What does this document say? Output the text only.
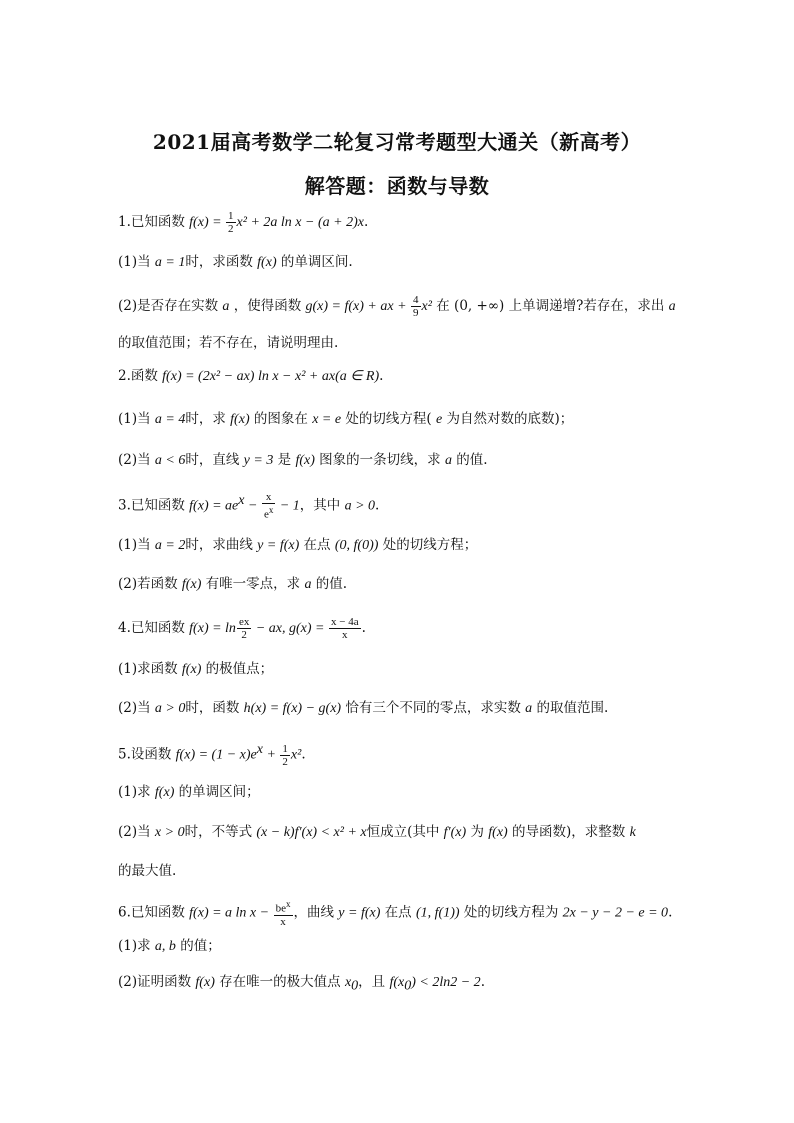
2021届高考数学二轮复习常考题型大通关（新高考）
解答题：函数与导数
1.已知函数 $f(x) = \frac{1}{2} x^2 + 2a$ ln x − (a + 2)x.
(1)当 a = 1时，求函数 f(x) 的单调区间.
(2)是否存在实数 a ，使得函数 g(x) = f(x) + ax + $\frac{4}{9} x^2$ 在 (0, +∞) 上单调递增?若存在，求出 a
的取值范围；若不存在，请说明理由.
2.函数 f(x) = (2x² − ax) ln x − x² + ax(a ∈ R).
(1)当 a = 4时，求 f(x) 的图象在 x = e 处的切线方程( e 为自然对数的底数)；
(2)当 a < 6时，直线 y = 3 是 f(x) 图象的一条切线，求 a 的值.
3.已知函数 $f(x) = ae^x - \frac{x}{e^x} - 1$，其中 a > 0.
(1)当 a = 2时，求曲线 y = f(x) 在点 (0, f(0)) 处的切线方程；
(2)若函数 f(x) 有唯一零点，求 a 的值.
4.已知函数 $f(x) = \ln \frac{ex}{2}$ − ax, $g(x) = \frac{x - 4a}{x}$ .
(1)求函数 f(x) 的极值点；
(2)当 a > 0时，函数 h(x) = f(x) − g(x) 恰有三个不同的零点，求实数 a 的取值范围.
5.设函数 $f(x) = (1 - x)e^x + \frac{1}{2} x^2$.
(1)求 f(x) 的单调区间；
(2)当 x > 0时，不等式 (x − k)f′(x) < x² + x恒成立(其中 f′(x) 为 f(x) 的导函数)，求整数 k
的最大值.
6.已知函数 f(x) = a $\ln x - be^x$
x
，曲线 y = f(x) 在点 (1, f(1)) 处的切线方程为 2x − y − 2 − e = 0.
(1)求 a, b 的值；
(2)证明函数 f(x) 存在唯一的极大值点 $x_0$，且 $f(x_0) < 2\ln 2 - 2$.
